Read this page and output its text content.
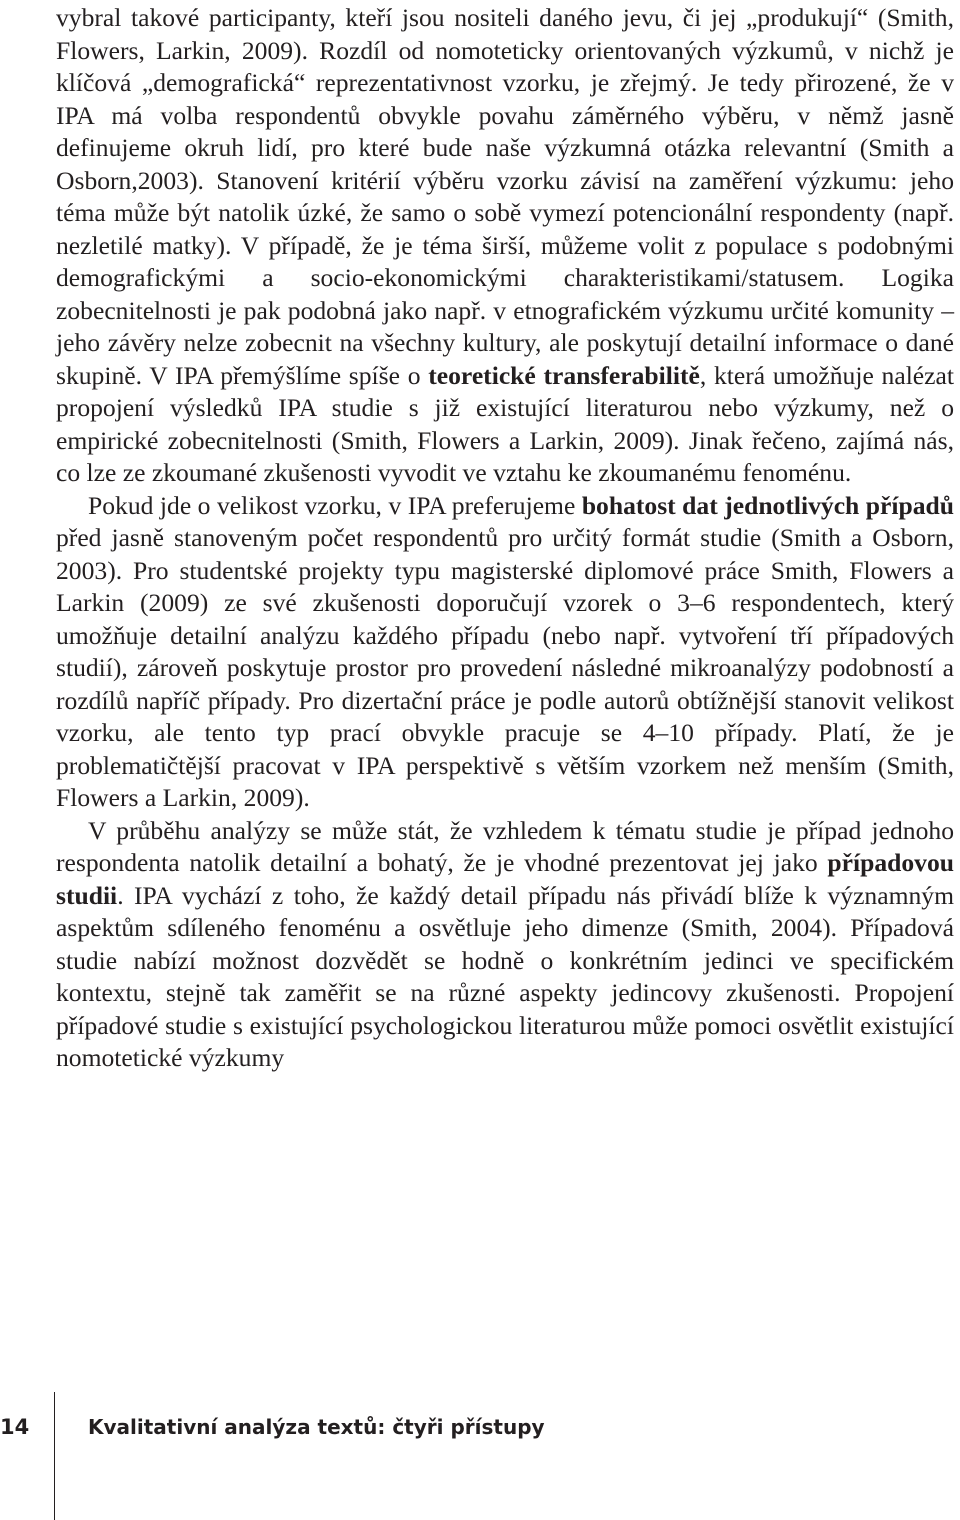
vybral takové participanty, kteří jsou nositeli daného jevu, či jej „produkují“ (Smith, Flowers, Larkin, 2009). Rozdíl od nomoteticky orientovaných výzkumů, v nichž je klíčová „demografická“ reprezentativnost vzorku, je zřejmý. Je tedy přirozené, že v IPA má volba respondentů obvykle povahu záměrného výběru, v němž jasně definujeme okruh lidí, pro které bude naše výzkumná otázka relevantní (Smith a Osborn,2003). Stanovení kritérií výběru vzorku závisí na zaměření výzkumu: jeho téma může být natolik úzké, že samo o sobě vymezí potencionální respondenty (např. nezletilé matky). V případě, že je téma širší, můžeme volit z populace s podobnými demografickými a socio-ekonomickými charakteristikami/statusem. Logika zobecnitelnosti je pak podobná jako např. v etnografickém výzkumu určité komunity – jeho závěry nelze zobecnit na všechny kultury, ale poskytují detailní informace o dané skupině. V IPA přemýšlíme spíše o teoretické transferabilitě, která umožňuje nalézat propojení výsledků IPA studie s již existující literaturou nebo výzkumy, než o empirické zobecnitelnosti (Smith, Flowers a Larkin, 2009). Jinak řečeno, zajímá nás, co lze ze zkoumané zkušenosti vyvodit ve vztahu ke zkoumanému fenoménu.

Pokud jde o velikost vzorku, v IPA preferujeme bohatost dat jednotlivých případů před jasně stanoveným počet respondentů pro určitý formát studie (Smith a Osborn, 2003). Pro studentské projekty typu magisterské diplomové práce Smith, Flowers a Larkin (2009) ze své zkušenosti doporučují vzorek o 3–6 respondentech, který umožňuje detailní analýzu každého případu (nebo např. vytvoření tří případových studií), zároveň poskytuje prostor pro provedení následné mikroanalýzy podobností a rozdílů napříč případy. Pro dizertační práce je podle autorů obtížnější stanovit velikost vzorku, ale tento typ prací obvykle pracuje se 4–10 případy. Platí, že je problematičtější pracovat v IPA perspektivě s větším vzorkem než menším (Smith, Flowers a Larkin, 2009).

V průběhu analýzy se může stát, že vzhledem k tématu studie je případ jednoho respondenta natolik detailní a bohatý, že je vhodné prezentovat jej jako případovou studii. IPA vychází z toho, že každý detail případu nás přivádí blíže k významným aspektům sdíleného fenoménu a osvětluje jeho dimenze (Smith, 2004). Případová studie nabízí možnost dozvědět se hodně o konkrétním jedinci ve specifickém kontextu, stejně tak zaměřit se na různé aspekty jedincovy zkušenosti. Propojení případové studie s existující psychologickou literaturou může pomoci osvětlit existující nomotetické výzkumy

14	Kvalitativní analýza textů: čtyři přístupy
